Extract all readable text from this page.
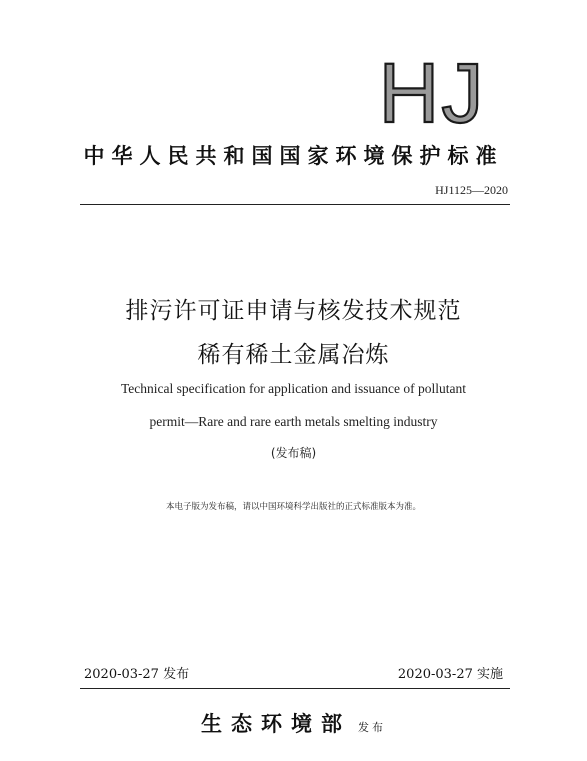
HJ
中华人民共和国国家环境保护标准
HJ1125—2020
排污许可证申请与核发技术规范
稀有稀土金属冶炼
Technical specification for application and issuance of pollutant
permit—Rare and rare earth metals smelting industry
(发布稿)
本电子版为发布稿，请以中国环境科学出版社的正式标准版本为准。
2020-03-27 发布	2020-03-27 实施
生态环境部 发布
